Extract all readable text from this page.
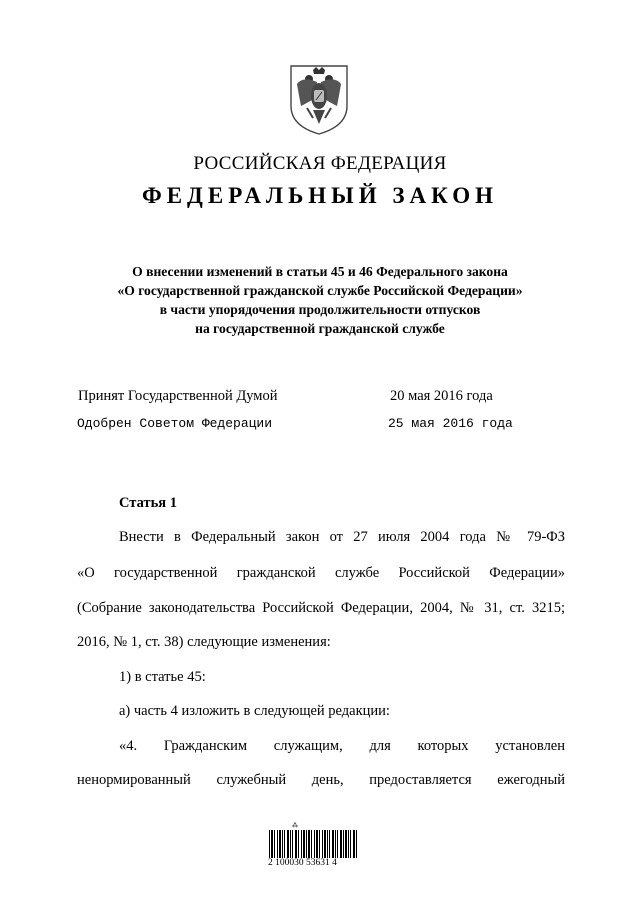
РОССИЙСКАЯ ФЕДЕРАЦИЯ
ФЕДЕРАЛЬНЫЙ ЗАКОН
О внесении изменений в статьи 45 и 46 Федерального закона
«О государственной гражданской службе Российской Федерации»
в части упорядочения продолжительности отпусков
на государственной гражданской службе
Принят Государственной Думой	20 мая 2016 года
Одобрен Советом Федерации	25 мая 2016 года
Статья 1
Внести в Федеральный закон от 27 июля 2004 года № 79-ФЗ
«О государственной гражданской службе Российской Федерации»
(Собрание законодательства Российской Федерации, 2004, № 31, ст. 3215;
2016, № 1, ст. 38) следующие изменения:
1) в статье 45:
а) часть 4 изложить в следующей редакции:
«4. Гражданским служащим, для которых установлен
ненормированный служебный день, предоставляется ежегодный
⁂
2 100030 53631 4
